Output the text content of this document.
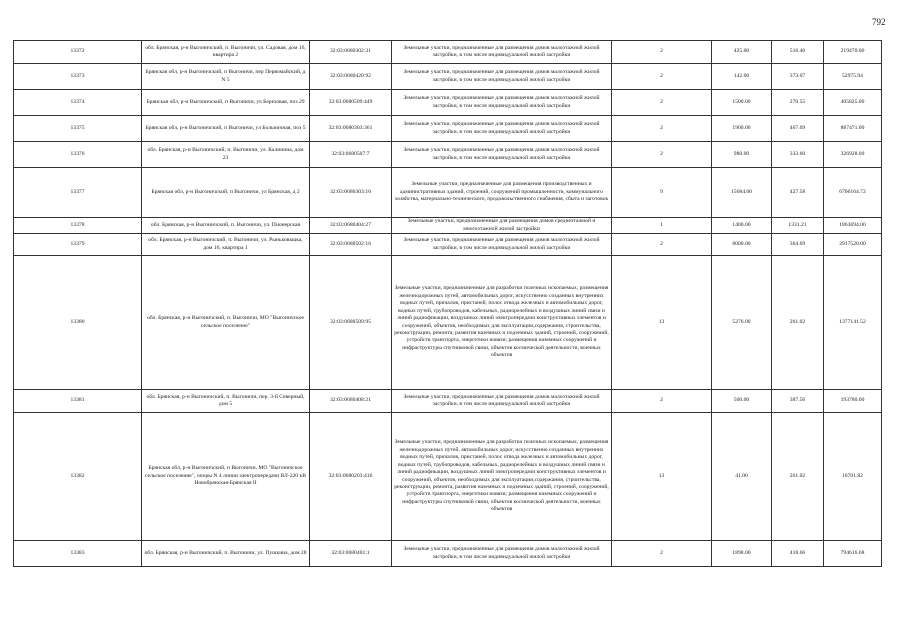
792
13372	обл. Брянская, р-н Выгоничский, п. Выгоничи, ул. Садовая, дом 16, квартира 2	32:03:0680302:31	Земельные участки, предназначенные для размещения домов малоэтажной жилой застройки, в том числе индивидуальной жилой застройки	2	425.00	516.40	219470.00
13373	Брянская обл, р-н Выгоничский, п Выгоничи, пер Первомайский, д N 5	32:03:0680420:92	Земельные участки, предназначенные для размещения домов малоэтажной жилой застройки, в том числе индивидуальной жилой застройки	2	142.00	373.07	52975.94
13374	Брянская обл, р-н Выгоничский, п Выгоничи, ул Березовая, поз.29	32:03:0680509:449	Земельные участки, предназначенные для размещения домов малоэтажной жилой застройки, в том числе индивидуальной жилой застройки	2	1500.00	270.55	405825.00
13375	Брянская обл, р-н Выгоничский, п Выгоничи, ул Больничная, поз 5	32:03:0680303:361	Земельные участки, предназначенные для размещения домов малоэтажной жилой застройки, в том числе индивидуальной жилой застройки	2	1900.00	467.09	887471.00
13376	обл. Брянская, р-н Выгоничский, п. Выгоничи, ул. Калинина, дом 23	32:03:0680507:7	Земельные участки, предназначенные для размещения домов малоэтажной жилой застройки, в том числе индивидуальной жилой застройки	2	980.00	333.60	326928.00
13377	Брянская обл, р-н Выгоничский, п Выгоничи, ул Брянская, д 2	32:03:0680303:16	Земельные участки, предназначенные для размещения производственных и административных зданий, строений, сооружений промышленности, коммунального хозяйства, материально-технического, продовольственного снабжения, сбыта и заготовок	9	15684.00	427.58	6706164.72
13378	обл. Брянская, р-н Выгоничский, п. Выгоничи, ул. Пионерская	32:03:0680404:27	Земельные участки, предназначенные для размещения домов среднеэтажной и многоэтажной жилой застройки	1	1400.00	1331.21	1863694.00
13379	обл. Брянская, р-н Выгоничский, п. Выгоничи, ул. Рыньковыцка, дом 16, квартира 1	32:03:0680502:16	Земельные участки, предназначенные для размещения домов малоэтажной жилой застройки, в том числе индивидуальной жилой застройки	2	8000.00	364.69	2917520.00
13380	обл. Брянская, р-н Выгоничский, п. Выгоничи, МО "Выгоничское сельское поселение"	32:03:0680509:95	Земельные участки, предназначенные для разработки полезных ископаемых, размещения железнодорожных путей, автомобильных дорог, искусственно созданных внутренних водных путей, причалов, пристаней, полос отвода железных и автомобильных дорог, водных путей, трубопроводов, кабельных, радиорелейных и воздушных линий связи и линий радиофикации, воздушных линий электропередачи конструктивных элементов и сооружений, объектов, необходимых для эксплуатации,содержания, строительства, реконструкции, ремонта, развития наземных и подземных зданий, строений, сооружений, устройств транспорта, энергетики иовязи; размещения наземных сооружений и инфраструктуры спутниковой связи, объектов космической деятельности, военных объектов	13	5276.00	261.02	1377141.52
13381	обл. Брянская, р-н Выгоничский, п. Выгоничи, пер. 3-й Северный, дом 5	32:03:0680408:21	Земельные участки, предназначенные для размещения домов малоэтажной жилой застройки, в том числе индивидуальной жилой застройки	2	500.00	387.56	193780.00
13382	Брянская обл, р-н Выгоничский, п Выгоничи, МО "Выгоничское сельское поселение", опоры N 4 линии электропередачи ВЛ-220 кВ Новобрянская-Брянская II	32:03:0680203:416	Земельные участки, предназначенные для разработки полезных ископаемых, размещения железнодорожных путей, автомобильных дорог, искусственно созданных внутренних водных путей, причалов, пристаней, полос отвода железных и автомобильных дорог, водных путей, трубопроводов, кабельных, радиорелейных и воздушных линий связи и линий радиофикации, воздушных линий электропередачи конструктивных элементов и сооружений, объектов, необходимых для эксплуатации,содержания, строительства, реконструкции, ремонта, развития наземных и подземных зданий, строений, сооружений, устройств транспорта, энергетики иовязи; размещения наземных сооружений и инфраструктуры спутниковой связи, объектов космической деятельности, военных объектов	13	41.00	261.02	10701.82
13383	обл. Брянская, р-н Выгоничский, п. Выгоничи, ул. Пушкина, дом 28	32:03:0680401:1	Земельные участки, предназначенные для размещения домов малоэтажной жилой застройки, в том числе индивидуальной жилой застройки	2	1898.00	418.66	794616.68
